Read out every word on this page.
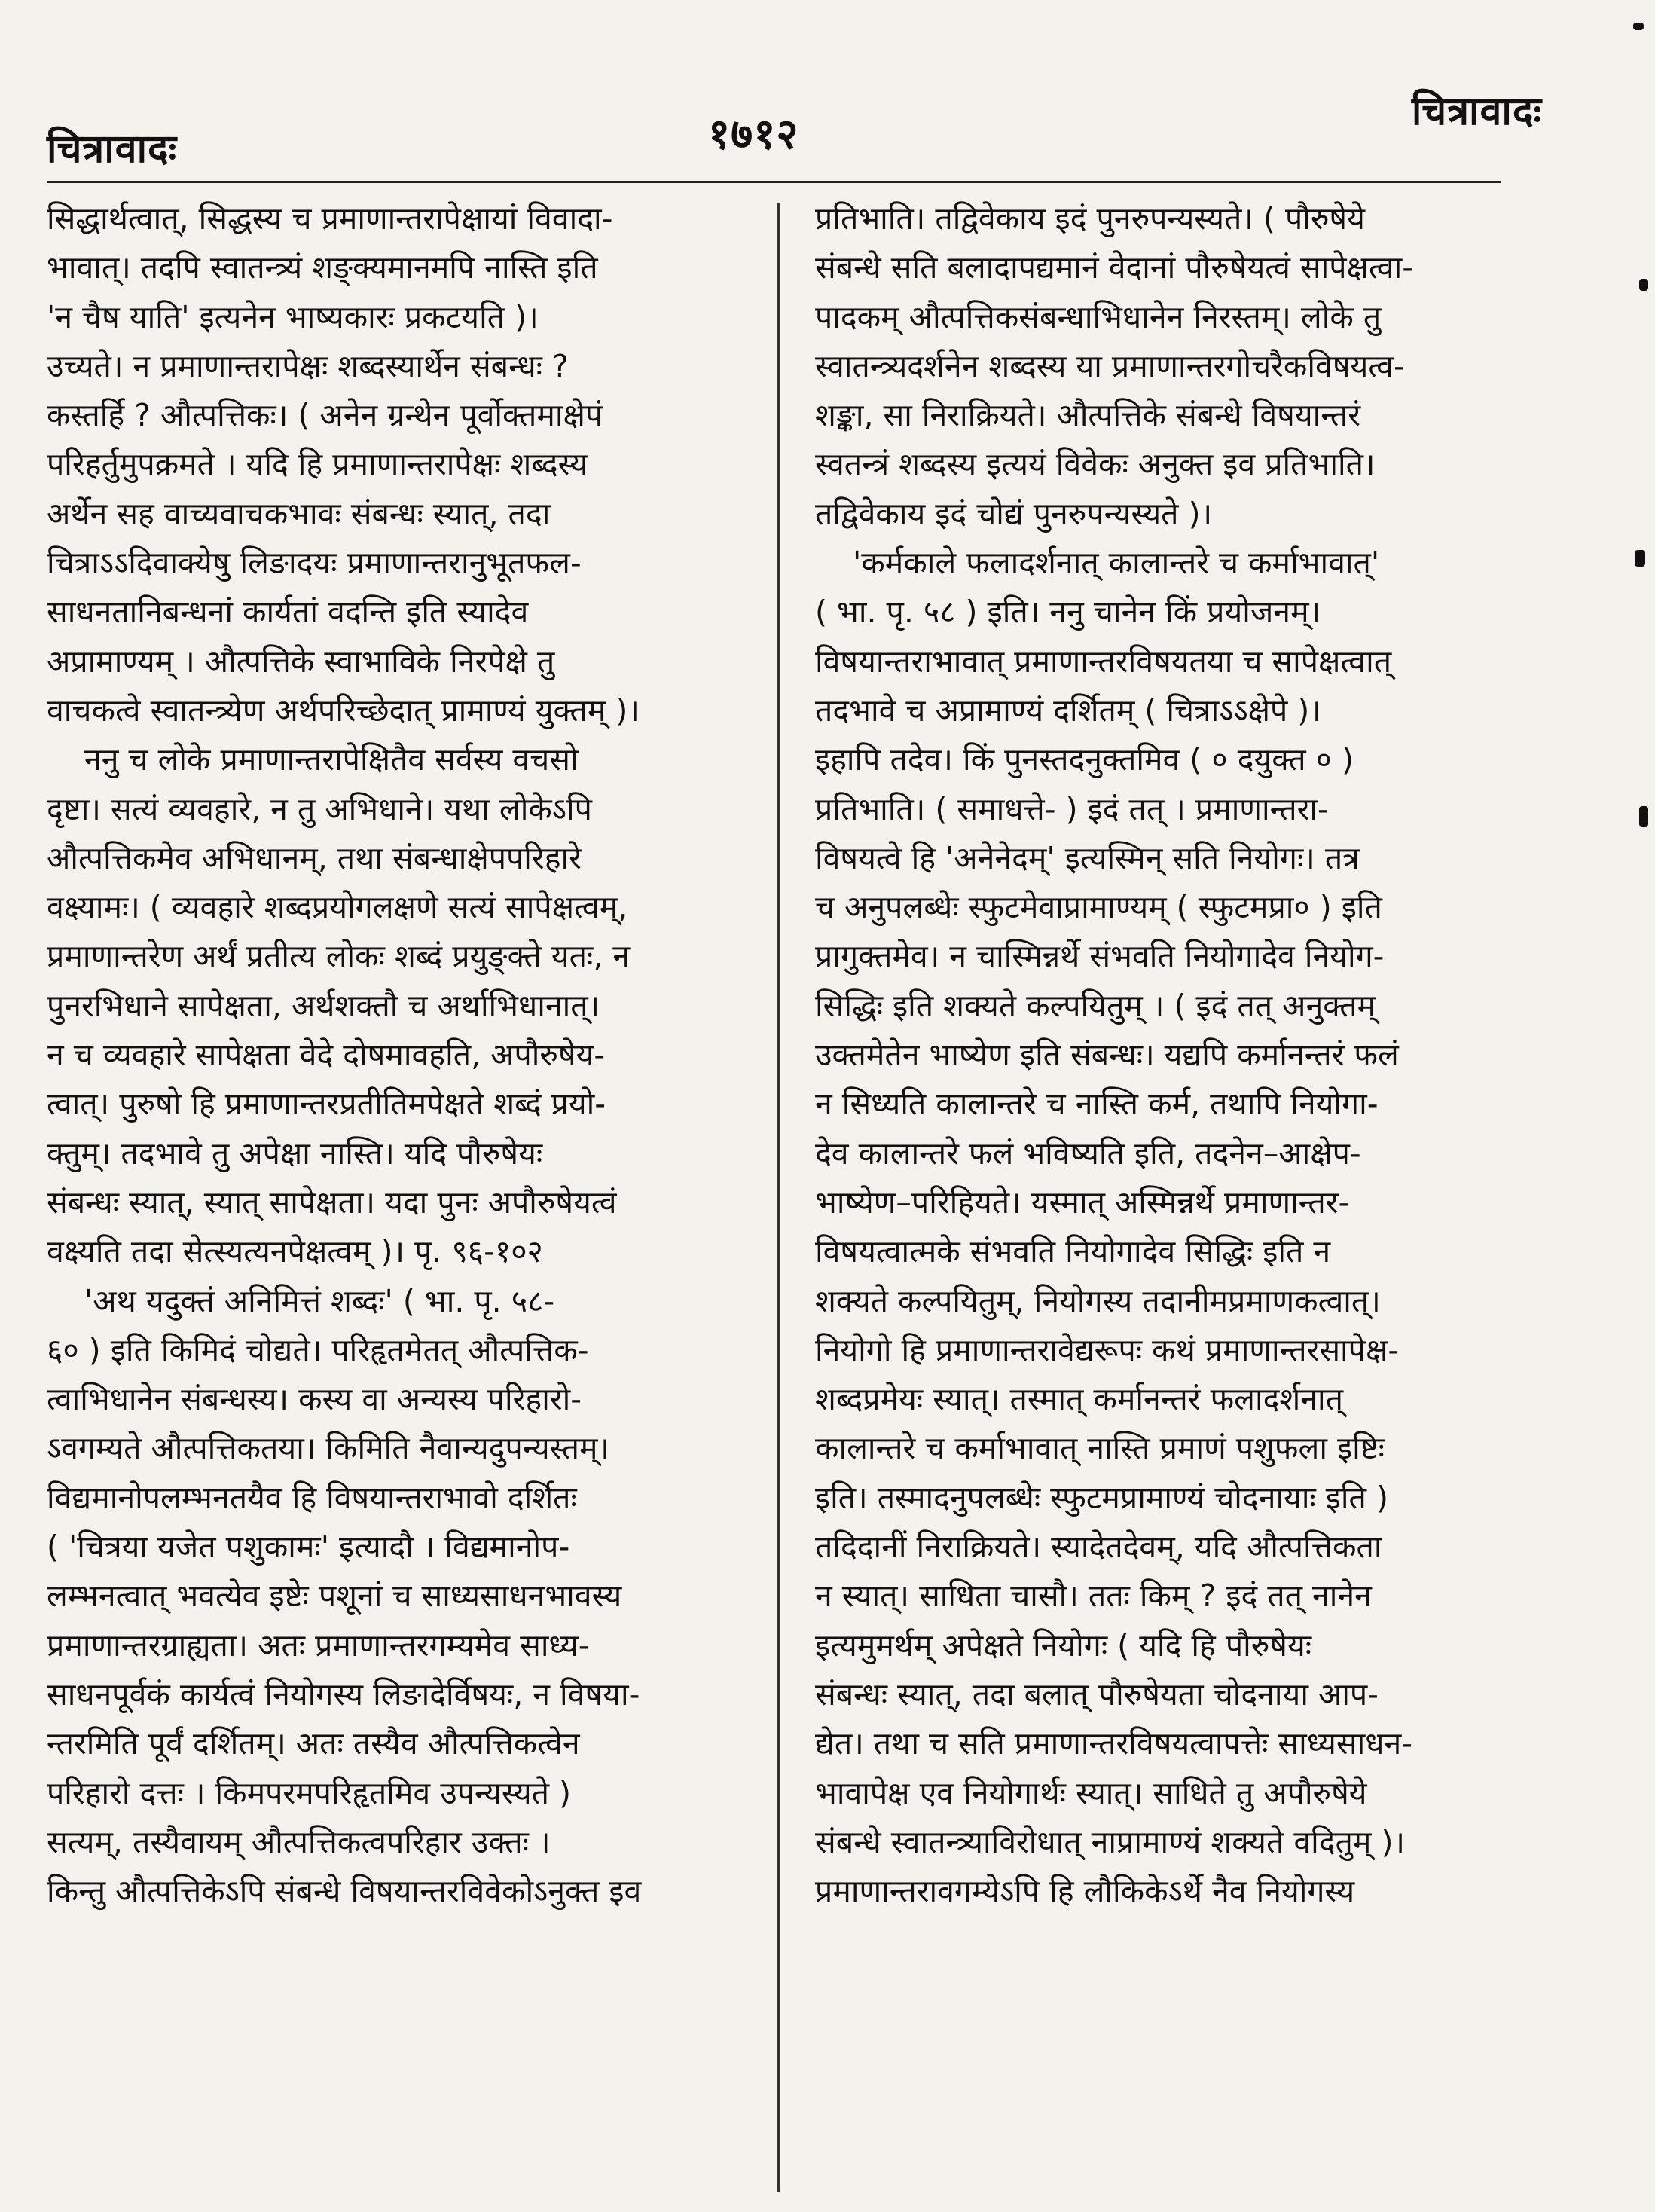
चित्रावादः	१७१२	चित्रावादः
सिद्धार्थत्वात्, सिद्धस्य च प्रमाणान्तरापेक्षायां विवादा-
भावात्। तदपि स्वातन्त्र्यं शङ्क्यमानमपि नास्ति इति
'न चैष याति' इत्यनेन भाष्यकारः प्रकटयति )।
उच्यते। न प्रमाणान्तरापेक्षः शब्दस्यार्थेन संबन्धः ?
कस्तर्हि ? औत्पत्तिकः। ( अनेन ग्रन्थेन पूर्वोक्तमाक्षेपं
परिहर्तुमुपक्रमते । यदि हि प्रमाणान्तरापेक्षः शब्दस्य
अर्थेन सह वाच्यवाचकभावः संबन्धः स्यात्, तदा
चित्राऽऽदिवाक्येषु लिङादयः प्रमाणान्तरानुभूतफल-
साधनतानिबन्धनां कार्यतां वदन्ति इति स्यादेव
अप्रामाण्यम् । औत्पत्तिके स्वाभाविके निरपेक्षे तु
वाचकत्वे स्वातन्त्र्येण अर्थपरिच्छेदात् प्रामाण्यं युक्तम् )।
ननु च लोके प्रमाणान्तरापेक्षितैव सर्वस्य वचसो
दृष्टा। सत्यं व्यवहारे, न तु अभिधाने। यथा लोकेऽपि
औत्पत्तिकमेव अभिधानम्, तथा संबन्धाक्षेपपरिहारे
वक्ष्यामः। ( व्यवहारे शब्दप्रयोगलक्षणे सत्यं सापेक्षत्वम्,
प्रमाणान्तरेण अर्थं प्रतीत्य लोकः शब्दं प्रयुङ्क्ते यतः, न
पुनरभिधाने सापेक्षता, अर्थशक्तौ च अर्थाभिधानात्।
न च व्यवहारे सापेक्षता वेदे दोषमावहति, अपौरुषेय-
त्वात्। पुरुषो हि प्रमाणान्तरप्रतीतिमपेक्षते शब्दं प्रयो-
क्तुम्। तदभावे तु अपेक्षा नास्ति। यदि पौरुषेयः
संबन्धः स्यात्, स्यात् सापेक्षता। यदा पुनः अपौरुषेयत्वं
वक्ष्यति तदा सेत्स्यत्यनपेक्षत्वम् )। पृ. ९६-१०२
'अथ यदुक्तं अनिमित्तं शब्दः' ( भा. पृ. ५८-
६० ) इति किमिदं चोद्यते। परिहृतमेतत् औत्पत्तिक-
त्वाभिधानेन संबन्धस्य। कस्य वा अन्यस्य परिहारो-
ऽवगम्यते औत्पत्तिकतया। किमिति नैवान्यदुपन्यस्तम्।
विद्यमानोपलम्भनतयैव हि विषयान्तराभावो दर्शितः
( 'चित्रया यजेत पशुकामः' इत्यादौ । विद्यमानोप-
लम्भनत्वात् भवत्येव इष्टेः पशूनां च साध्यसाधनभावस्य
प्रमाणान्तरग्राह्यता। अतः प्रमाणान्तरगम्यमेव साध्य-
साधनपूर्वकं कार्यत्वं नियोगस्य लिङादेर्विषयः, न विषया-
न्तरमिति पूर्वं दर्शितम्। अतः तस्यैव औत्पत्तिकत्वेन
परिहारो दत्तः । किमपरमपरिहृतमिव उपन्यस्यते )
सत्यम्, तस्यैवायम् औत्पत्तिकत्वपरिहार उक्तः ।
किन्तु औत्पत्तिकेऽपि संबन्धे विषयान्तरविवेकोऽनुक्त इव
प्रतिभाति। तद्विवेकाय इदं पुनरुपन्यस्यते। ( पौरुषेये
संबन्धे सति बलादापद्यमानं वेदानां पौरुषेयत्वं सापेक्षत्वा-
पादकम् औत्पत्तिकसंबन्धाभिधानेन निरस्तम्। लोके तु
स्वातन्त्र्यदर्शनेन शब्दस्य या प्रमाणान्तरगोचरैकविषयत्व-
शङ्का, सा निराक्रियते। औत्पत्तिके संबन्धे विषयान्तरं
स्वतन्त्रं शब्दस्य इत्ययं विवेकः अनुक्त इव प्रतिभाति।
तद्विवेकाय इदं चोद्यं पुनरुपन्यस्यते )।
'कर्मकाले फलादर्शनात् कालान्तरे च कर्माभावात्'
( भा. पृ. ५८ ) इति। ननु चानेन किं प्रयोजनम्।
विषयान्तराभावात् प्रमाणान्तरविषयतया च सापेक्षत्वात्
तदभावे च अप्रामाण्यं दर्शितम् ( चित्राऽऽक्षेपे )।
इहापि तदेव। किं पुनस्तदनुक्तमिव ( ० दयुक्त ० )
प्रतिभाति। ( समाधत्ते- ) इदं तत् । प्रमाणान्तरा-
विषयत्वे हि 'अनेनेदम्' इत्यस्मिन् सति नियोगः। तत्र
च अनुपलब्धेः स्फुटमेवाप्रामाण्यम् ( स्फुटमप्रा० ) इति
प्रागुक्तमेव। न चास्मिन्नर्थे संभवति नियोगादेव नियोग-
सिद्धिः इति शक्यते कल्पयितुम् । ( इदं तत् अनुक्तम्
उक्तमेतेन भाष्येण इति संबन्धः। यद्यपि कर्मानन्तरं फलं
न सिध्यति कालान्तरे च नास्ति कर्म, तथापि नियोगा-
देव कालान्तरे फलं भविष्यति इति, तदनेन–आक्षेप-
भाष्येण–परिहियते। यस्मात् अस्मिन्नर्थे प्रमाणान्तर-
विषयत्वात्मके संभवति नियोगादेव सिद्धिः इति न
शक्यते कल्पयितुम्, नियोगस्य तदानीमप्रमाणकत्वात्।
नियोगो हि प्रमाणान्तरावेद्यरूपः कथं प्रमाणान्तरसापेक्ष-
शब्दप्रमेयः स्यात्। तस्मात् कर्मानन्तरं फलादर्शनात्
कालान्तरे च कर्माभावात् नास्ति प्रमाणं पशुफला इष्टिः
इति। तस्मादनुपलब्धेः स्फुटमप्रामाण्यं चोदनायाः इति )
तदिदानीं निराक्रियते। स्यादेतदेवम्, यदि औत्पत्तिकता
न स्यात्। साधिता चासौ। ततः किम् ? इदं तत् नानेन
इत्यमुमर्थम् अपेक्षते नियोगः ( यदि हि पौरुषेयः
संबन्धः स्यात्, तदा बलात् पौरुषेयता चोदनाया आप-
द्येत। तथा च सति प्रमाणान्तरविषयत्वापत्तेः साध्यसाधन-
भावापेक्ष एव नियोगार्थः स्यात्। साधिते तु अपौरुषेये
संबन्धे स्वातन्त्र्याविरोधात् नाप्रामाण्यं शक्यते वदितुम् )।
प्रमाणान्तरावगम्येऽपि हि लौकिकेऽर्थे नैव नियोगस्य
